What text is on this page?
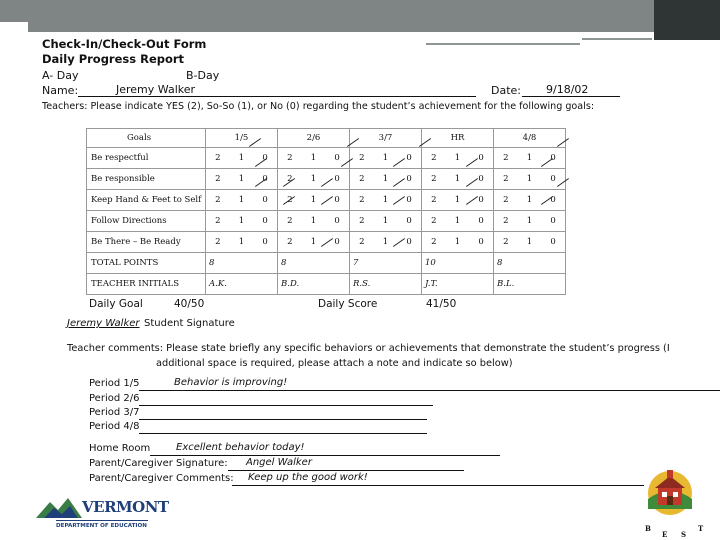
Check-In/Check-Out Form
Daily Progress Report
A- Day	B-Day
Name:	Jeremy Walker	Date: 9/18/02
Teachers: Please indicate YES (2), So-So (1), or No (0) regarding the student’s achievement for the following goals:
Goals	1/5	2/6	3/7	HR	4/8
Be respectful	2 1 0	2 1 0	2 1 0	2 1 0	2 1 0

Be responsible	2 1 0	2 1 0	2 1 0	2 1 0	2 1 0

Keep Hand & Feet to Self	2 1 0	2 1 0	2 1 0	2 1 0	2 1 0

Follow Directions	2 1 0	2 1 0	2 1 0	2 1 0	2 1 0

Be There – Be Ready	2 1 0	2 1 0	2 1 0	2 1 0	2 1 0

TOTAL POINTS	8	8	7	10	8
TEACHER INITIALS	A.K.	B.D.	R.S.	J.T.	B.L.
Daily Goal	40/50	Daily Score	41/50
Jeremy Walker Student Signature
Teacher comments: Please state briefly any specific behaviors or achievements that demonstrate the student’s progress (I
additional space is required, please attach a note and indicate so below)
Period 1/5	Behavior is improving!
Period 2/6
Period 3/7
Period 4/8
Home Room	Excellent behavior today!
Parent/Caregiver Signature: Angel Walker
Parent/Caregiver Comments: Keep up the good work!
VERMONT
DEPARTMENT OF EDUCATION	B
E S
T
